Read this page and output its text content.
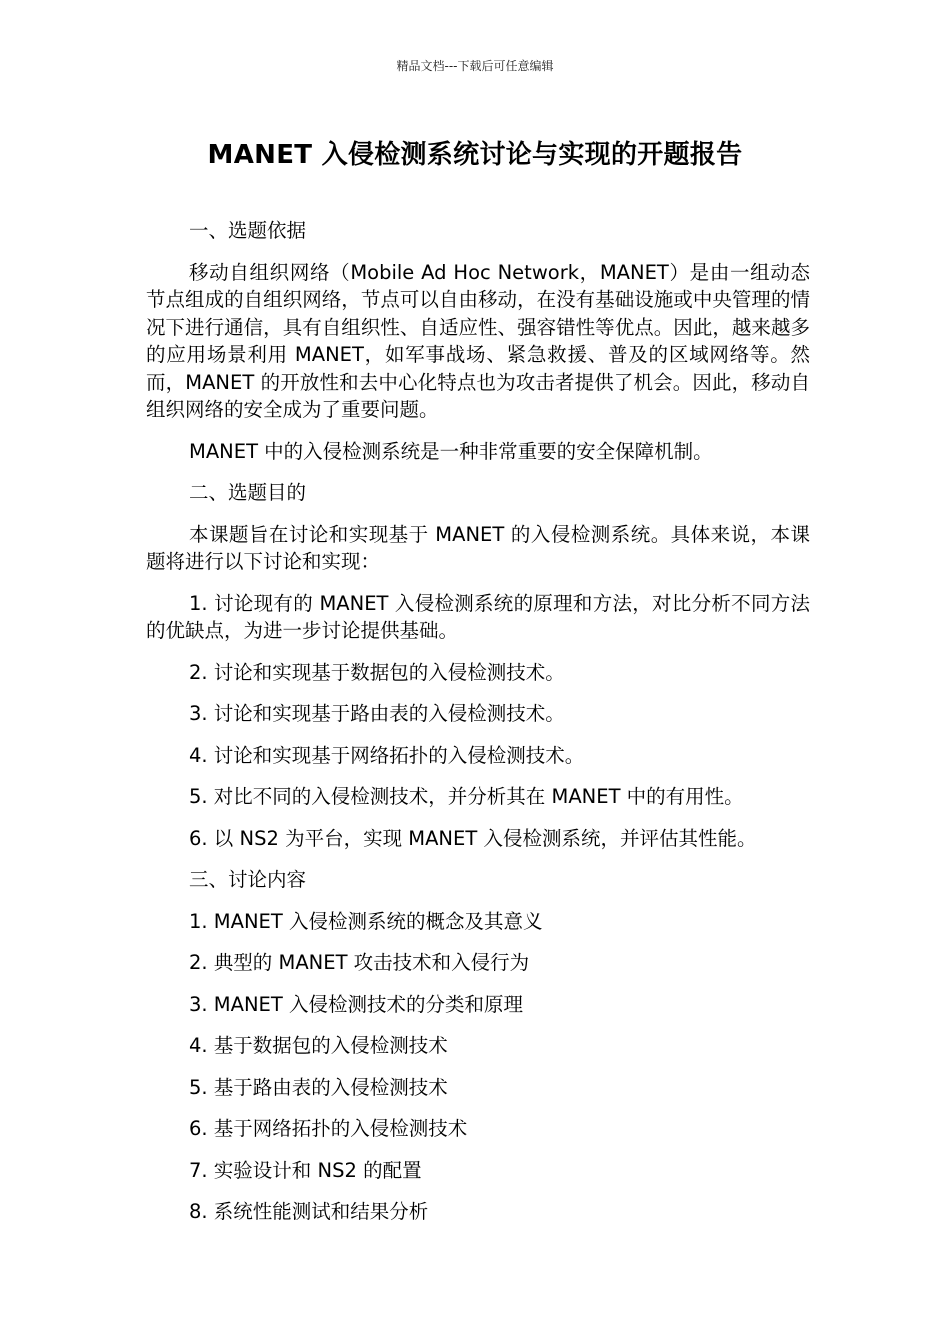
精品文档---下载后可任意编辑
MANET 入侵检测系统讨论与实现的开题报告

一、选题依据

移动自组织网络（Mobile Ad Hoc Network，MANET）是由一组动态节点组成的自组织网络，节点可以自由移动，在没有基础设施或中央管理的情况下进行通信，具有自组织性、自适应性、强容错性等优点。因此，越来越多的应用场景利用 MANET，如军事战场、紧急救援、普及的区域网络等。然而，MANET 的开放性和去中心化特点也为攻击者提供了机会。因此，移动自组织网络的安全成为了重要问题。

MANET 中的入侵检测系统是一种非常重要的安全保障机制。

二、选题目的

本课题旨在讨论和实现基于 MANET 的入侵检测系统。具体来说，本课题将进行以下讨论和实现：

1. 讨论现有的 MANET 入侵检测系统的原理和方法，对比分析不同方法的优缺点，为进一步讨论提供基础。

2. 讨论和实现基于数据包的入侵检测技术。

3. 讨论和实现基于路由表的入侵检测技术。

4. 讨论和实现基于网络拓扑的入侵检测技术。

5. 对比不同的入侵检测技术，并分析其在 MANET 中的有用性。

6. 以 NS2 为平台，实现 MANET 入侵检测系统，并评估其性能。

三、讨论内容

1. MANET 入侵检测系统的概念及其意义

2. 典型的 MANET 攻击技术和入侵行为

3. MANET 入侵检测技术的分类和原理

4. 基于数据包的入侵检测技术

5. 基于路由表的入侵检测技术

6. 基于网络拓扑的入侵检测技术

7. 实验设计和 NS2 的配置

8. 系统性能测试和结果分析
